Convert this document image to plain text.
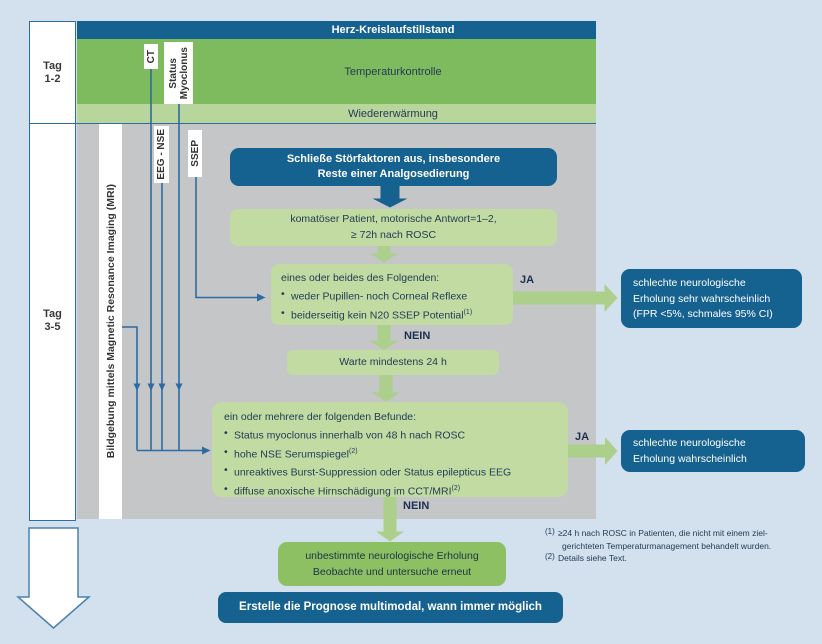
Herz-Kreislaufstillstand
Temperaturkontrolle
Wiedererwärmung
Tag
1-2
Tag
3-5	Bildgebung mittels Magnetic Resonance Imaging (MRI)
CT
Status Myoclonus
EEG - NSE SSEP	Schließe Störfaktoren aus, insbesondere
Reste einer Analgosedierung
komatöser Patient, motorische Antwort=1–2,
≥ 72h nach ROSC
eines oder beides des Folgenden:
• weder Pupillen- noch Corneal Reflexe
• beiderseitig kein N20 SSEP Potential$^{(1)}$
Warte mindestens 24 h
ein oder mehrere der folgenden Befunde:
• Status myoclonus innerhalb von 48 h nach ROSC
• hohe NSE Serumspiegel$^{(2)}$
• unreaktives Burst-Suppression oder Status epilepticus EEG
• diffuse anoxische Hirnschädigung im CCT/MRI$^{(2)}$
schlechte neurologische
Erholung sehr wahrscheinlich
(FPR <5%, schmales 95% CI)
schlechte neurologische
Erholung wahrscheinlich
unbestimmte neurologische Erholung
Beobachte und untersuche erneut
Erstelle die Prognose multimodal, wann immer möglich
JA
NEIN
JA
NEIN
(1) ≥24 h nach ROSC in Patienten, die nicht mit einem ziel-
gerichteten Temperaturmanagement behandelt wurden.
(2) Details siehe Text.
